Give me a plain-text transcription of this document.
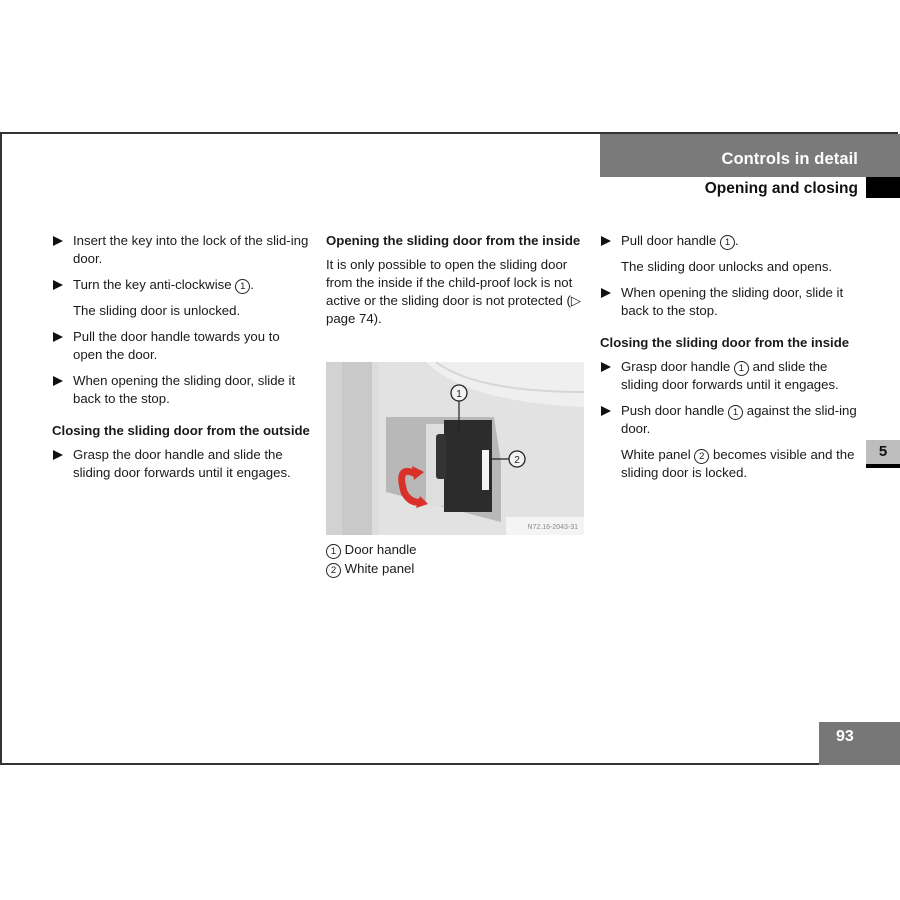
Controls in detail
Opening and closing
Insert the key into the lock of the slid-ing door.
Turn the key anti-clockwise 1 .
The sliding door is unlocked.
Pull the door handle towards you to open the door.
When opening the sliding door, slide it back to the stop.
Closing the sliding door from the outside
Grasp the door handle and slide the sliding door forwards until it engages.
Opening the sliding door from the inside
It is only possible to open the sliding door from the inside if the child-proof lock is not active or the sliding door is not protected (▷ page 74).
1
2
N72.16-2043-31
1 Door handle
2 White panel
Pull door handle 1 .
The sliding door unlocks and opens.
When opening the sliding door, slide it back to the stop.
Closing the sliding door from the inside
Grasp door handle 1 and slide the sliding door forwards until it engages.
Push door handle 1 against the slid-ing door.
White panel 2 becomes visible and the sliding door is locked.
5
93
